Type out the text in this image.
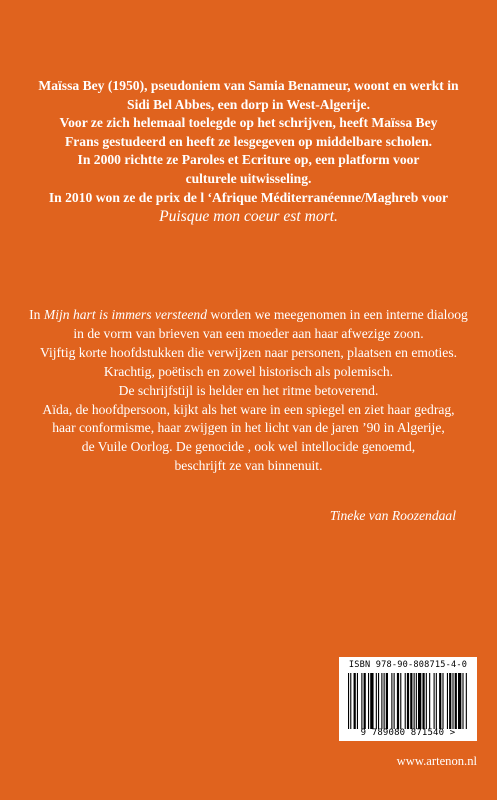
Maïssa Bey (1950), pseudoniem van Samia Benameur, woont en werkt in
Sidi Bel Abbes, een dorp in West-Algerije.
Voor ze zich helemaal toelegde op het schrijven, heeft Maïssa Bey
Frans gestudeerd en heeft ze lesgegeven op middelbare scholen.
In 2000 richtte ze Paroles et Ecriture op, een platform voor
culturele uitwisseling.
In 2010 won ze de prix de l ‘Afrique Méditerranéenne/Maghreb voor
Puisque mon coeur est mort.
In Mijn hart is immers versteend worden we meegenomen in een interne dialoog
in de vorm van brieven van een moeder aan haar afwezige zoon.
Vijftig korte hoofdstukken die verwijzen naar personen, plaatsen en emoties.
Krachtig, poëtisch en zowel historisch als polemisch.
De schrijfstijl is helder en het ritme betoverend.
Aïda, de hoofdpersoon, kijkt als het ware in een spiegel en ziet haar gedrag,
haar conformisme, haar zwijgen in het licht van de jaren ’90 in Algerije,
de Vuile Oorlog. De genocide , ook wel intellocide genoemd,
beschrijft ze van binnenuit.
Tineke van Roozendaal
ISBN 978-90-808715-4-0
9 789080 871540 >
www.artenon.nl
